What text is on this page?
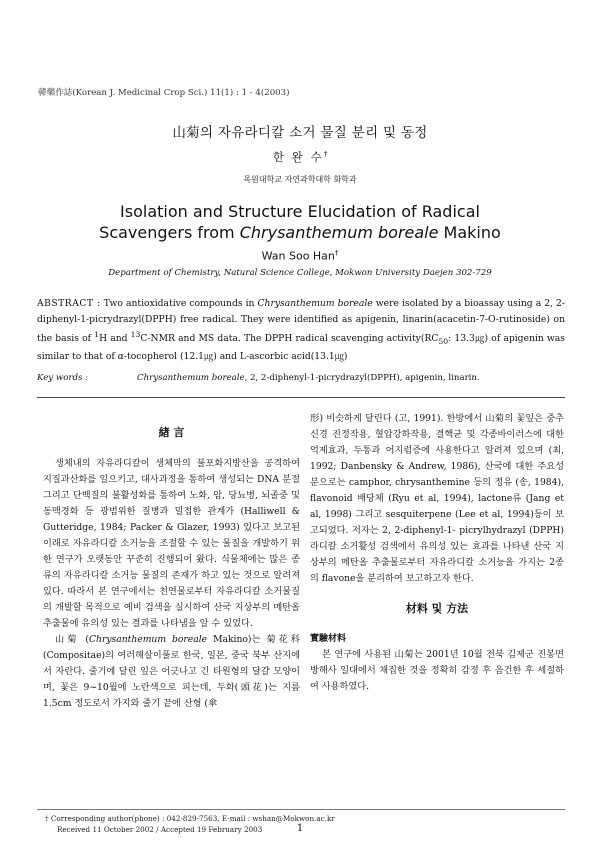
韓藥作誌(Korean J. Medicinal Crop Sci.) 11(1) : 1 - 4(2003)
山菊의 자유라디칼 소거 물질 분리 및 동정
한 완 수†
목원대학교 자연과학대학 화학과
Isolation and Structure Elucidation of Radical
Scavengers from Chrysanthemum boreale Makino
Wan Soo Han†
Department of Chemistry, Natural Science College, Mokwon University Daejen 302-729
ABSTRACT : Two antioxidative compounds in Chrysanthemum boreale were isolated by a bioassay using a 2, 2-diphenyl-1-picrydrazyl(DPPH) free radical. They were identified as apigenin, linarin(acacetin-7-O-rutinoside) on the basis of $^1$H and $^{13}$C-NMR and MS data. The DPPH radical scavenging $activity(RC_{50}$: 13.3㎍) of apigenin was similar to that of α-tocopherol (12.1㎍) and L-ascorbic acid(13.1㎍)
Key words :	Chrysanthemum boreale, 2, 2-diphenyl-1-picrydrazyl(DPPH), apigenin, linarin.
緖 言

생체내의 자유라디칼이 생체막의 불포화지방산을 공격하여 지질과산화를 일으키고, 대사과정을 통하여 생성되는 DNA 분절 그리고 단백질의 불활성화를 통하여 노화, 암, 당뇨병, 뇌졸중 및 동맥경화 등 광범위한 질병과 밀접한 관계가 (Halliwell & Gutteridge, 1984; Packer & Glazer, 1993) 있다고 보고된 이래로 자유라디칼 소거능을 조절할 수 있는 물질을 개발하기 위한 연구가 오랫동안 꾸준히 진행되어 왔다. 식물체에는 많은 종류의 자유라디칼 소거능 물질의 존재가 하고 있는 것으로 알려져 있다. 따라서 본 연구에서는 천연물로부터 자유라디칼 소거물질의 개발할 목적으로 예비 검색을 실시하여 산국 지상부의 메탄올 추출물에 유의성 있는 결과를 나타냄을 알 수 있었다.

山菊 (Chrysanthemum boreale Makino)는 菊花科(Compositae)의 여러해살이풀로 한국, 일본, 중국 북부 산지에서 자란다. 줄기에 달린 잎은 어긋나고 긴 타원형의 달걀 모양이며, 꽃은 9~10월에 노란색으로 피는데, 두화(頭花)는 지름 1.5cm 정도로서 가지와 줄기 끝에 산형 (傘

形) 비슷하게 달린다 (고, 1991). 한방에서 山菊의 꽃잎은 중추신경 진정작용, 혈압강하작용, 결핵균 및 각종바이러스에 대한 억제효과, 두통과 어지럼증에 사용한다고 알려져 있으며 (최, 1992; Danbensky & Andrew, 1986), 산국에 대한 주요성분으로는 camphor, chrysanthemine 등의 정유 (송, 1984), flavonoid 배당체 (Ryu et al, 1994), lactone류 (Jang et al, 1998) 그리고 sesquiterpene (Lee et al, 1994)등이 보고되었다. 저자는 2, 2-diphenyl-1- picrylhydrazyl (DPPH) 라디칼 소거활성 검색에서 유의성 있는 효과를 나타낸 산국 지상부의 메탄올 추출물로부터 자유라디칼 소거능을 가지는 2종의 flavone을 분리하여 보고하고자 한다.

材料 및 方法
實驗材料

본 연구에 사용된 山菊는 2001년 10월 전북 김제군 진봉면 방해사 일대에서 채집한 것을 정확히 감정 후 음건한 후 세절하여 사용하였다.

† Corresponding author(phone) : 042-829-7563, E-mail : wshan@Mokwon.ac.kr
Received 11 October 2002 / Accepted 19 February 2003	1
